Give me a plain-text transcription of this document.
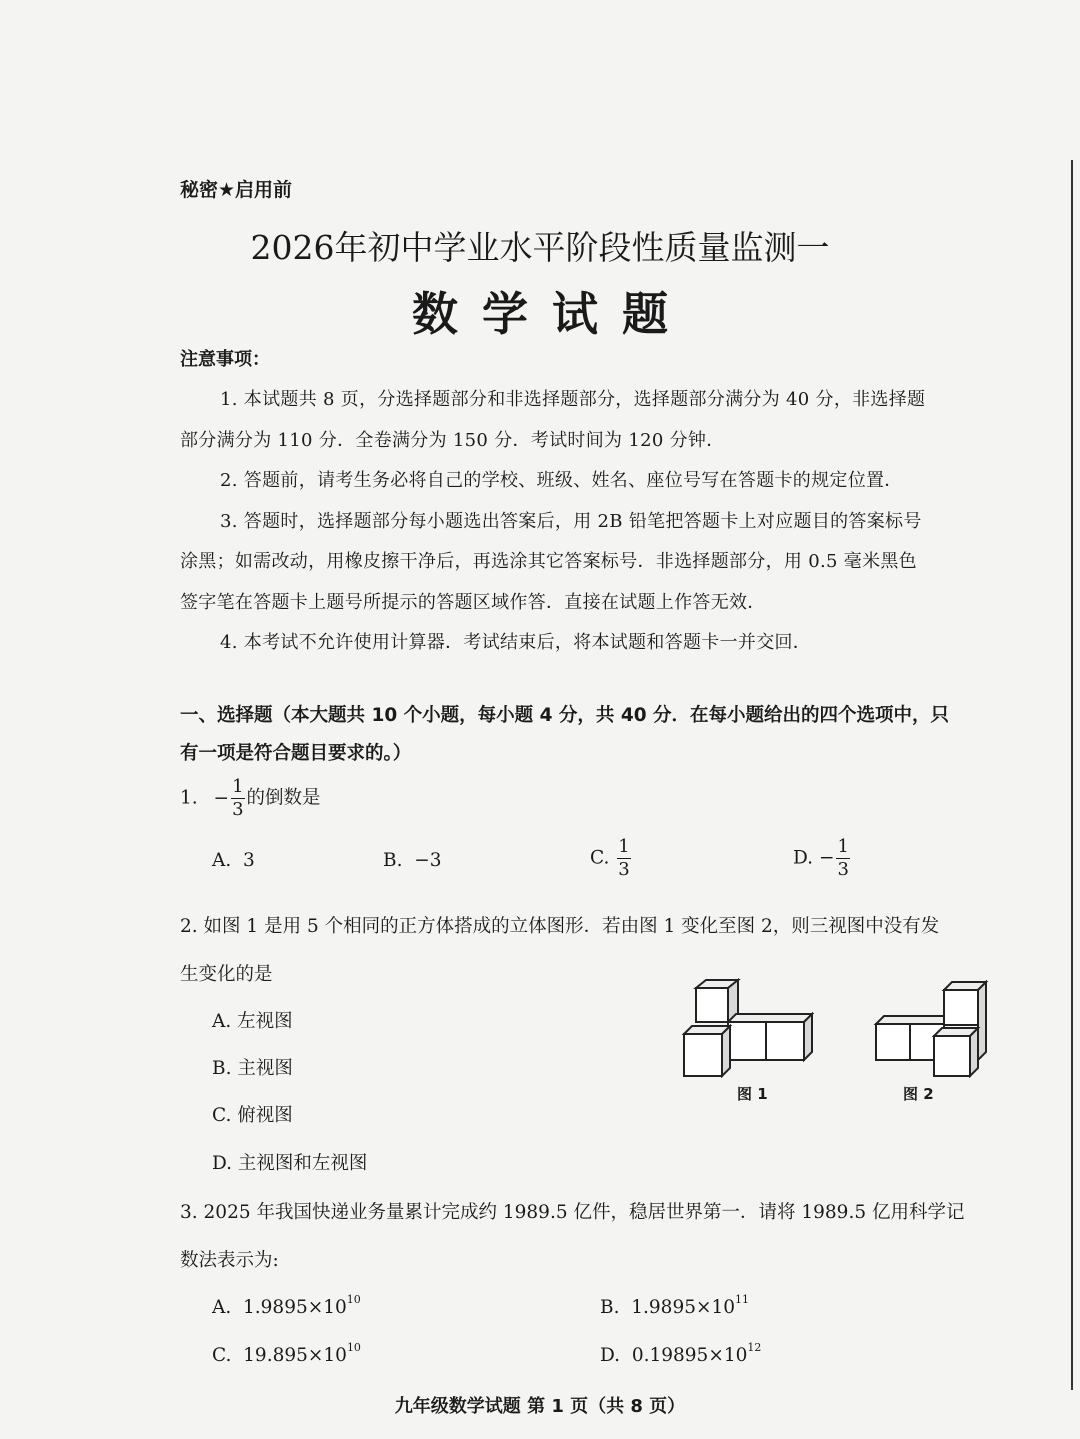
秘密★启用前
2026年初中学业水平阶段性质量监测一
数学试题
注意事项：
1. 本试题共 8 页，分选择题部分和非选择题部分，选择题部分满分为 40 分，非选择题
部分满分为 110 分．全卷满分为 150 分．考试时间为 120 分钟．
2. 答题前，请考生务必将自己的学校、班级、姓名、座位号写在答题卡的规定位置．
3. 答题时，选择题部分每小题选出答案后，用 2B 铅笔把答题卡上对应题目的答案标号
涂黑；如需改动，用橡皮擦干净后，再选涂其它答案标号．非选择题部分，用 0.5 毫米黑色
签字笔在答题卡上题号所提示的答题区域作答．直接在试题上作答无效．
4. 本考试不允许使用计算器．考试结束后，将本试题和答题卡一并交回．
一、选择题（本大题共 10 个小题，每小题 4 分，共 40 分．在每小题给出的四个选项中，只
有一项是符合题目要求的。）
1. − $\frac{1}{3}$ 的倒数是
A. 3	B. −3	C. $\frac{1}{3}$	D. − $\frac{1}{3}$
2. 如图 1 是用 5 个相同的正方体搭成的立体图形．若由图 1 变化至图 2，则三视图中没有发
生变化的是
A. 左视图
B. 主视图
C. 俯视图
D. 主视图和左视图
图 1	图 2
3. 2025 年我国快递业务量累计完成约 1989.5 亿件，稳居世界第一．请将 1989.5 亿用科学记
数法表示为:
A. $1.9895\times 10^{10}$	B. $1.9895\times 10^{11}$
C. $19.895\times 10^{10}$	D. $0.19895\times 10^{12}$
九年级数学试题 第 1 页（共 8 页）
